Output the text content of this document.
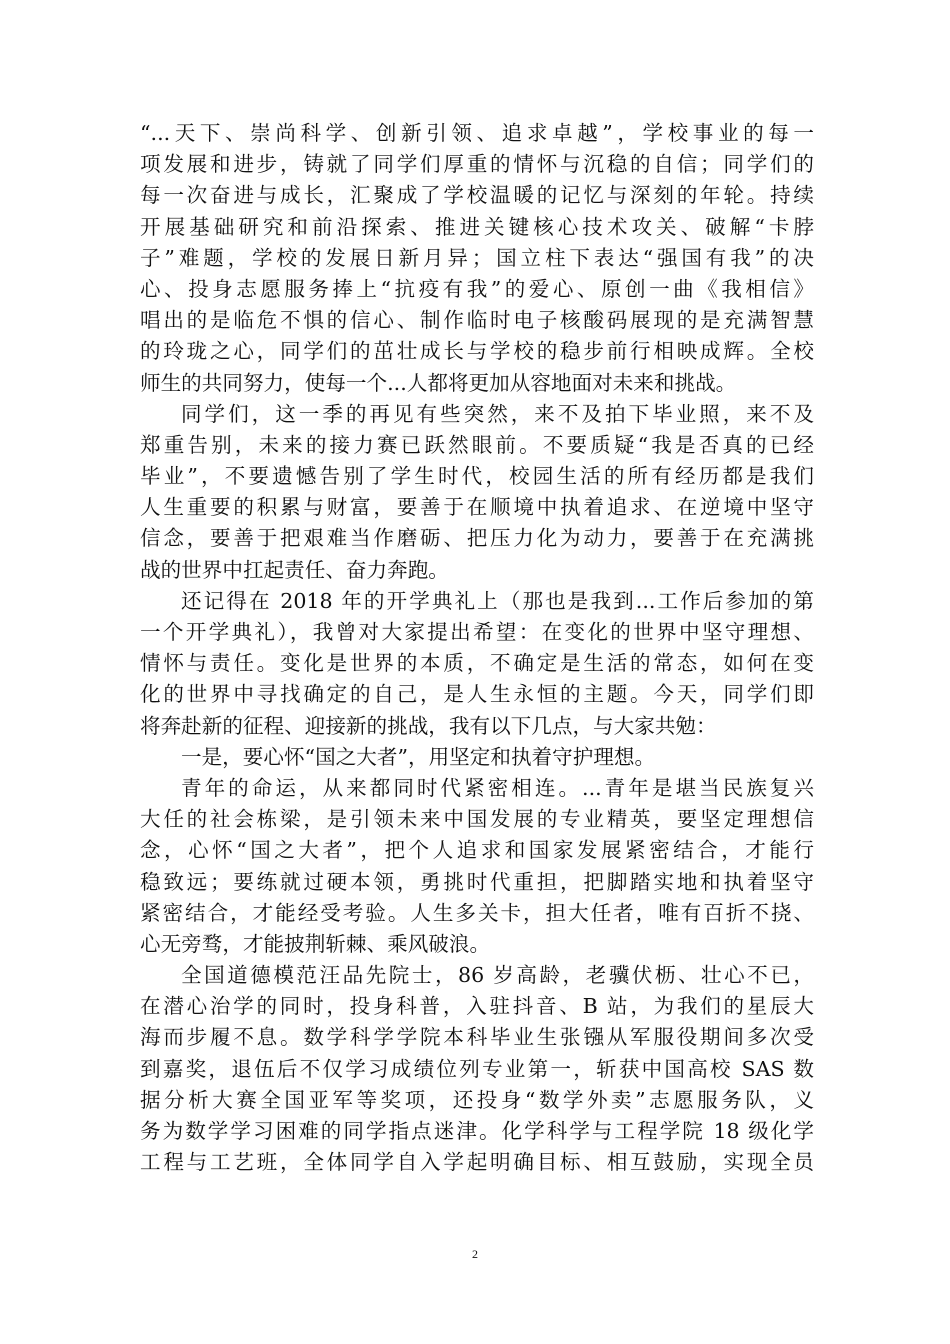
“...天下、崇尚科学、创新引领、追求卓越”，学校事业的每一
项发展和进步，铸就了同学们厚重的情怀与沉稳的自信；同学们的
每一次奋进与成长，汇聚成了学校温暖的记忆与深刻的年轮。持续
开展基础研究和前沿探索、推进关键核心技术攻关、破解“卡脖
子”难题，学校的发展日新月异；国立柱下表达“强国有我”的决
心、投身志愿服务捧上“抗疫有我”的爱心、原创一曲《我相信》
唱出的是临危不惧的信心、制作临时电子核酸码展现的是充满智慧
的玲珑之心，同学们的茁壮成长与学校的稳步前行相映成辉。全校
师生的共同努力，使每一个...人都将更加从容地面对未来和挑战。
同学们，这一季的再见有些突然，来不及拍下毕业照，来不及
郑重告别，未来的接力赛已跃然眼前。不要质疑“我是否真的已经
毕业”，不要遗憾告别了学生时代，校园生活的所有经历都是我们
人生重要的积累与财富，要善于在顺境中执着追求、在逆境中坚守
信念，要善于把艰难当作磨砺、把压力化为动力，要善于在充满挑
战的世界中扛起责任、奋力奔跑。
还记得在 2018 年的开学典礼上（那也是我到...工作后参加的第
一个开学典礼），我曾对大家提出希望：在变化的世界中坚守理想、
情怀与责任。变化是世界的本质，不确定是生活的常态，如何在变
化的世界中寻找确定的自己，是人生永恒的主题。今天，同学们即
将奔赴新的征程、迎接新的挑战，我有以下几点，与大家共勉：
一是，要心怀“国之大者”，用坚定和执着守护理想。
青年的命运，从来都同时代紧密相连。...青年是堪当民族复兴
大任的社会栋梁，是引领未来中国发展的专业精英，要坚定理想信
念，心怀“国之大者”，把个人追求和国家发展紧密结合，才能行
稳致远；要练就过硬本领，勇挑时代重担，把脚踏实地和执着坚守
紧密结合，才能经受考验。人生多关卡，担大任者，唯有百折不挠、
心无旁骛，才能披荆斩棘、乘风破浪。
全国道德模范汪品先院士，86 岁高龄，老骥伏枥、壮心不已，
在潜心治学的同时，投身科普，入驻抖音、B 站，为我们的星辰大
海而步履不息。数学科学学院本科毕业生张镪从军服役期间多次受
到嘉奖，退伍后不仅学习成绩位列专业第一，斩获中国高校 SAS 数
据分析大赛全国亚军等奖项，还投身“数学外卖”志愿服务队，义
务为数学学习困难的同学指点迷津。化学科学与工程学院 18 级化学
工程与工艺班，全体同学自入学起明确目标、相互鼓励，实现全员
2
